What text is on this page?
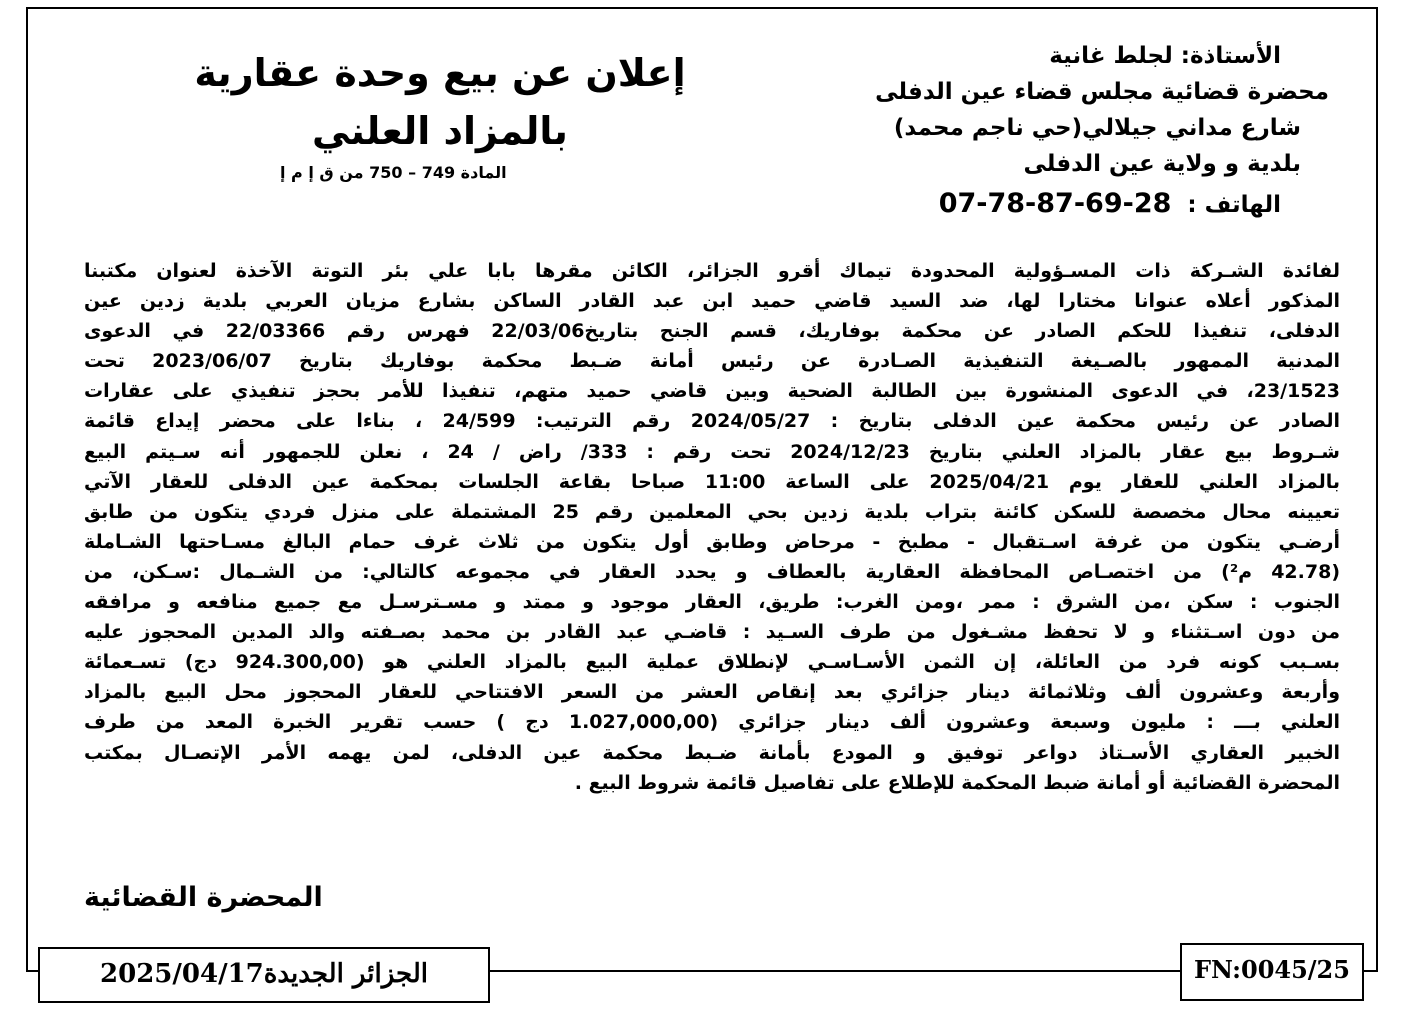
الأستاذة: لجلط غانية
محضرة قضائية مجلس قضاء عين الدفلى
شارع مداني جيلالي(حي ناجم محمد)
بلدية و ولاية عين الدفلى
الهاتف : 07-78-87-69-28
إعلان عن بيع وحدة عقارية
بالمزاد العلني
المادة 749 – 750 من ق إ م إ

لفائدة الشـركة ذات المسـؤولية المحدودة تيماك أقرو الجزائر، الكائن مقرها بابا علي بئر التوتة الآخذة لعنوان مكتبنا

المذكور أعلاه عنوانا مختارا لها، ضد السيد قاضي حميد ابن عبد القادر الساكن بشارع مزيان العربي بلدية زدين عين

الدفلى، تنفيذا للحكم الصادر عن محكمة بوفاريك، قسم الجنح بتاريخ22/03/06 فهرس رقم 22/03366 في الدعوى

المدنية الممهور بالصـيغة التنفيذية الصـادرة عن رئيس أمانة ضـبط محكمة بوفاريك بتاريخ 2023/06/07 تحت

23/1523، في الدعوى المنشورة بين الطالبة الضحية وبين قاضي حميد متهم، تنفيذا للأمر بحجز تنفيذي على عقارات

الصادر عن رئيس محكمة عين الدفلى بتاريخ : 2024/05/27 رقم الترتيب: 24/599 ، بناءا على محضر إيداع قائمة

شـروط بيع عقار بالمزاد العلني بتاريخ 2024/12/23 تحت رقم : 333/ راض / 24 ، نعلن للجمهور أنه سـيتم البيع

بالمزاد العلني للعقار يوم 2025/04/21 على الساعة 11:00 صباحا بقاعة الجلسات بمحكمة عين الدفلى للعقار الآتي

تعيينه محال مخصصة للسكن كائنة بتراب بلدية زدين بحي المعلمين رقم 25 المشتملة على منزل فردي يتكون من طابق

أرضـي يتكون من غرفة اسـتقبال - مطبخ - مرحاض وطابق أول يتكون من ثلاث غرف حمام البالغ مسـاحتها الشـاملة

(42.78 م²) من اختصـاص المحافظة العقارية بالعطاف و يحدد العقار في مجموعه كالتالي: من الشـمال :سـكن، من

الجنوب : سكن ،من الشرق : ممر ،ومن الغرب: طريق، العقار موجود و ممتد و مسـترسـل مع جميع منافعه و مرافقه

من دون اسـتثناء و لا تحفظ مشـغول من طرف السـيد : قاضـي عبد القادر بن محمد بصـفته والد المدين المحجوز عليه

بسـبب كونه فرد من العائلة، إن الثمن الأسـاسـي لإنطلاق عملية البيع بالمزاد العلني هو (924.300,00 دج) تسـعمائة

وأربعة وعشرون ألف وثلاثمائة دينار جزائري بعد إنقاص العشر من السعر الافتتاحي للعقار المحجوز محل البيع بالمزاد

العلني بـــ : مليون وسبعة وعشرون ألف دينار جزائري (1.027,000,00 دج ) حسب تقرير الخبرة المعد من طرف

الخبير العقاري الأسـتاذ دواعر توفيق و المودع بأمانة ضـبط محكمة عين الدفلى، لمن يهمه الأمر الإتصـال بمكتب

المحضرة القضائية أو أمانة ضبط المحكمة للإطلاع على تفاصيل قائمة شروط البيع .

المحضرة القضائية
الجزائر الجديدة2025/04/17	FN:0045/25
